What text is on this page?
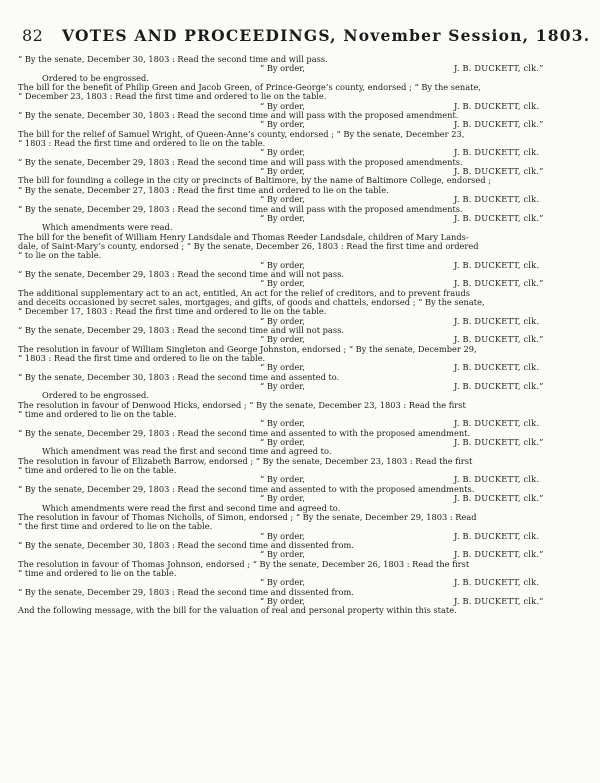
82 VOTES AND PROCEEDINGS, November Session, 1803.
“ By the senate, December 30, 1803 : Read the second time and will pass.
“ By order,	J. B. DUCKETT, clk.”
Ordered to be engrossed.
The bill for the benefit of Philip Green and Jacob Green, of Prince-George’s county, endorsed ; “ By the senate,
“ December 23, 1803 : Read the first time and ordered to lie on the table.
“ By order,	J. B. DUCKETT, clk.
“ By the senate, December 30, 1803 : Read the second time and will pass with the proposed amendment.
“ By order,	J. B. DUCKETT, clk.”
The bill for the relief of Samuel Wright, of Queen-Anne’s county, endorsed ; “ By the senate, December 23,
“ 1803 : Read the first time and ordered to lie on the table.
“ By order,	J. B. DUCKETT, clk.
“ By the senate, December 29, 1803 : Read the second time and will pass with the proposed amendments.
“ By order,	J. B. DUCKETT, clk.”
The bill for founding a college in the city or precincts of Baltimore, by the name of Baltimore College, endorsed ;
“ By the senate, December 27, 1803 : Read the first time and ordered to lie on the table.
“ By order,	J. B. DUCKETT, clk.
“ By the senate, December 29, 1803 : Read the second time and will pass with the proposed amendments.
“ By order,	J. B. DUCKETT, clk.”
Which amendments were read.
The bill for the benefit of William Henry Landsdale and Thomas Reeder Landsdale, children of Mary Lands-
dale, of Saint-Mary’s county, endorsed ; “ By the senate, December 26, 1803 : Read the first time and ordered
“ to lie on the table.
“ By order,	J. B. DUCKETT, clk.
“ By the senate, December 29, 1803 : Read the second time and will not pass.
“ By order,	J. B. DUCKETT, clk.”
The additional supplementary act to an act, entitled, An act for the relief of creditors, and to prevent frauds
and deceits occasioned by secret sales, mortgages, and gifts, of goods and chattels, endorsed ; “ By the senate,
“ December 17, 1803 : Read the first time and ordered to lie on the table.
“ By order,	J. B. DUCKETT, clk.
“ By the senate, December 29, 1803 : Read the second time and will not pass.
“ By order,	J. B. DUCKETT, clk.”
The resolution in favour of William Singleton and George Johnston, endorsed ; “ By the senate, December 29,
“ 1803 : Read the first time and ordered to lie on the table.
“ By order,	J. B. DUCKETT, clk.
“ By the senate, December 30, 1803 : Read the second time and assented to.
“ By order,	J. B. DUCKETT, clk.”
Ordered to be engrossed.
The resolution in favour of Denwood Hicks, endorsed ; “ By the senate, December 23, 1803 : Read the first
“ time and ordered to lie on the table.
“ By order,	J. B. DUCKETT, clk.
“ By the senate, December 29, 1803 : Read the second time and assented to with the proposed amendment.
“ By order,	J. B. DUCKETT, clk.”
Which amendment was read the first and second time and agreed to.
The resolution in favour of Elizabeth Barrow, endorsed ; “ By the senate, December 23, 1803 : Read the first
“ time and ordered to lie on the table.
“ By order,	J. B. DUCKETT, clk.
“ By the senate, December 29, 1803 : Read the second time and assented to with the proposed amendments.
“ By order,	J. B. DUCKETT, clk.”
Which amendments were read the first and second time and agreed to.
The resolution in favour of Thomas Nicholls, of Simon, endorsed ; “ By the senate, December 29, 1803 : Read
“ the first time and ordered to lie on the table.
“ By order,	J. B. DUCKETT, clk.
“ By the senate, December 30, 1803 : Read the second time and dissented from.
“ By order,	J. B. DUCKETT, clk.”
The resolution in favour of Thomas Johnson, endorsed ; “ By the senate, December 26, 1803 : Read the first
“ time and ordered to lie on the table.
“ By order,	J. B. DUCKETT, clk.
“ By the senate, December 29, 1803 : Read the second time and dissented from.
“ By order,	J. B. DUCKETT, clk.”
And the following message, with the bill for the valuation of real and personal property within this state.
